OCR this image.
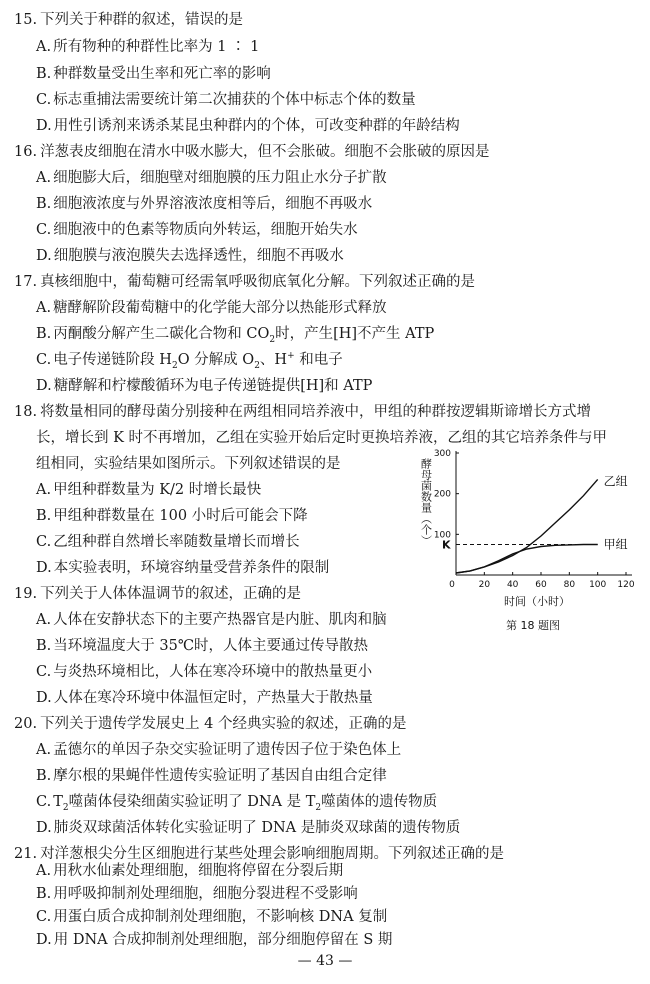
15. 下列关于种群的叙述，错误的是
A. 所有物种的种群性比率为 1 ∶ 1
B. 种群数量受出生率和死亡率的影响
C. 标志重捕法需要统计第二次捕获的个体中标志个体的数量
D. 用性引诱剂来诱杀某昆虫种群内的个体，可改变种群的年龄结构
16. 洋葱表皮细胞在清水中吸水膨大，但不会胀破。细胞不会胀破的原因是
A. 细胞膨大后，细胞壁对细胞膜的压力阻止水分子扩散
B. 细胞液浓度与外界溶液浓度相等后，细胞不再吸水
C. 细胞液中的色素等物质向外转运，细胞开始失水
D. 细胞膜与液泡膜失去选择透性，细胞不再吸水
17. 真核细胞中，葡萄糖可经需氧呼吸彻底氧化分解。下列叙述正确的是
A. 糖酵解阶段葡萄糖中的化学能大部分以热能形式释放
B. 丙酮酸分解产生二碳化合物和 $CO_2$时，产生[H]不产生 ATP
C. 电子传递链阶段 $H_2O$ 分解成 $O_2$、H+ 和电子
D. 糖酵解和柠檬酸循环为电子传递链提供[H]和 ATP
18. 将数量相同的酵母菌分别接种在两组相同培养液中，甲组的种群按逻辑斯谛增长方式增
长，增长到 K 时不再增加，乙组在实验开始后定时更换培养液，乙组的其它培养条件与甲
组相同，实验结果如图所示。下列叙述错误的是
A. 甲组种群数量为 K/2 时增长最快
B. 甲组种群数量在 100 小时后可能会下降
C. 乙组种群自然增长率随数量增长而增长
D. 本实验表明，环境容纳量受营养条件的限制
19. 下列关于人体体温调节的叙述，正确的是
A. 人体在安静状态下的主要产热器官是内脏、肌肉和脑
B. 当环境温度大于 35℃时，人体主要通过传导散热
C. 与炎热环境相比，人体在寒冷环境中的散热量更小
D. 人体在寒冷环境中体温恒定时，产热量大于散热量
20. 下列关于遗传学发展史上 4 个经典实验的叙述，正确的是
A. 孟德尔的单因子杂交实验证明了遗传因子位于染色体上
B. 摩尔根的果蝇伴性遗传实验证明了基因自由组合定律
C. $T_2$噬菌体侵染细菌实验证明了 DNA 是 $T_2$噬菌体的遗传物质
D. 肺炎双球菌活体转化实验证明了 DNA 是肺炎双球菌的遗传物质
21. 对洋葱根尖分生区细胞进行某些处理会影响细胞周期。下列叙述正确的是
A. 用秋水仙素处理细胞，细胞将停留在分裂后期
B. 用呼吸抑制剂处理细胞，细胞分裂进程不受影响
C. 用蛋白质合成抑制剂处理细胞，不影响核 DNA 复制
20 40 60 80 100 120
0
100
200
300
K
乙组
甲组
酵母菌数量（个）
时间（小时）
第 18 题图
— 43 —
D. 用 DNA 合成抑制剂处理细胞，部分细胞停留在 S 期
